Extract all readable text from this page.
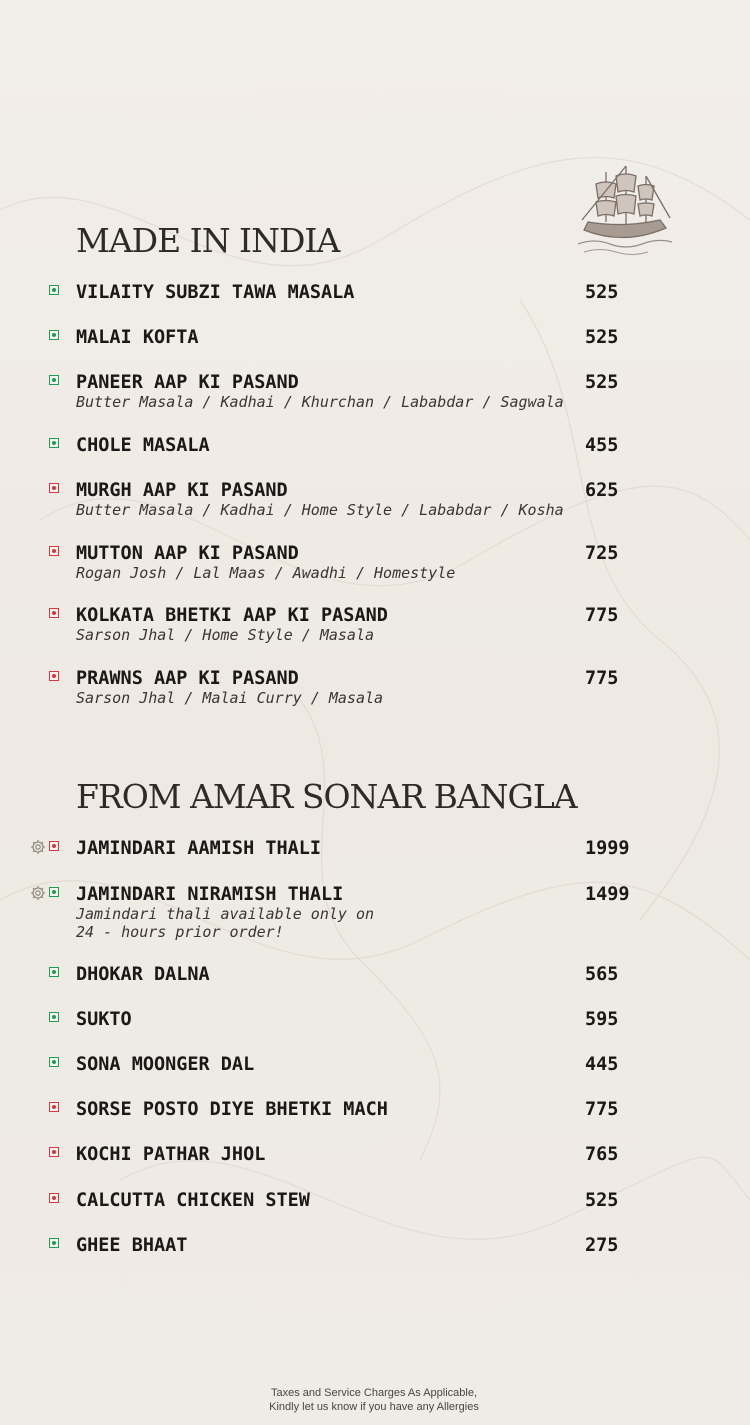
MADE IN INDIA
VILAITY SUBZI TAWA MASALA	525
MALAI KOFTA	525
PANEER AAP KI PASAND	525
Butter Masala / Kadhai / Khurchan / Lababdar / Sagwala
CHOLE MASALA	455
MURGH AAP KI PASAND	625
Butter Masala / Kadhai / Home Style / Lababdar / Kosha
MUTTON AAP KI PASAND	725
Rogan Josh / Lal Maas / Awadhi / Homestyle
KOLKATA BHETKI AAP KI PASAND	775
Sarson Jhal / Home Style / Masala
PRAWNS AAP KI PASAND	775
Sarson Jhal / Malai Curry / Masala
FROM AMAR SONAR BANGLA
JAMINDARI AAMISH THALI	1999
JAMINDARI NIRAMISH THALI	1499
Jamindari thali available only on
24 - hours prior order!
DHOKAR DALNA	565
SUKTO	595
SONA MOONGER DAL	445
SORSE POSTO DIYE BHETKI MACH	775
KOCHI PATHAR JHOL	765
CALCUTTA CHICKEN STEW	525
GHEE BHAAT	275
Taxes and Service Charges As Applicable,
Kindly let us know if you have any Allergies
